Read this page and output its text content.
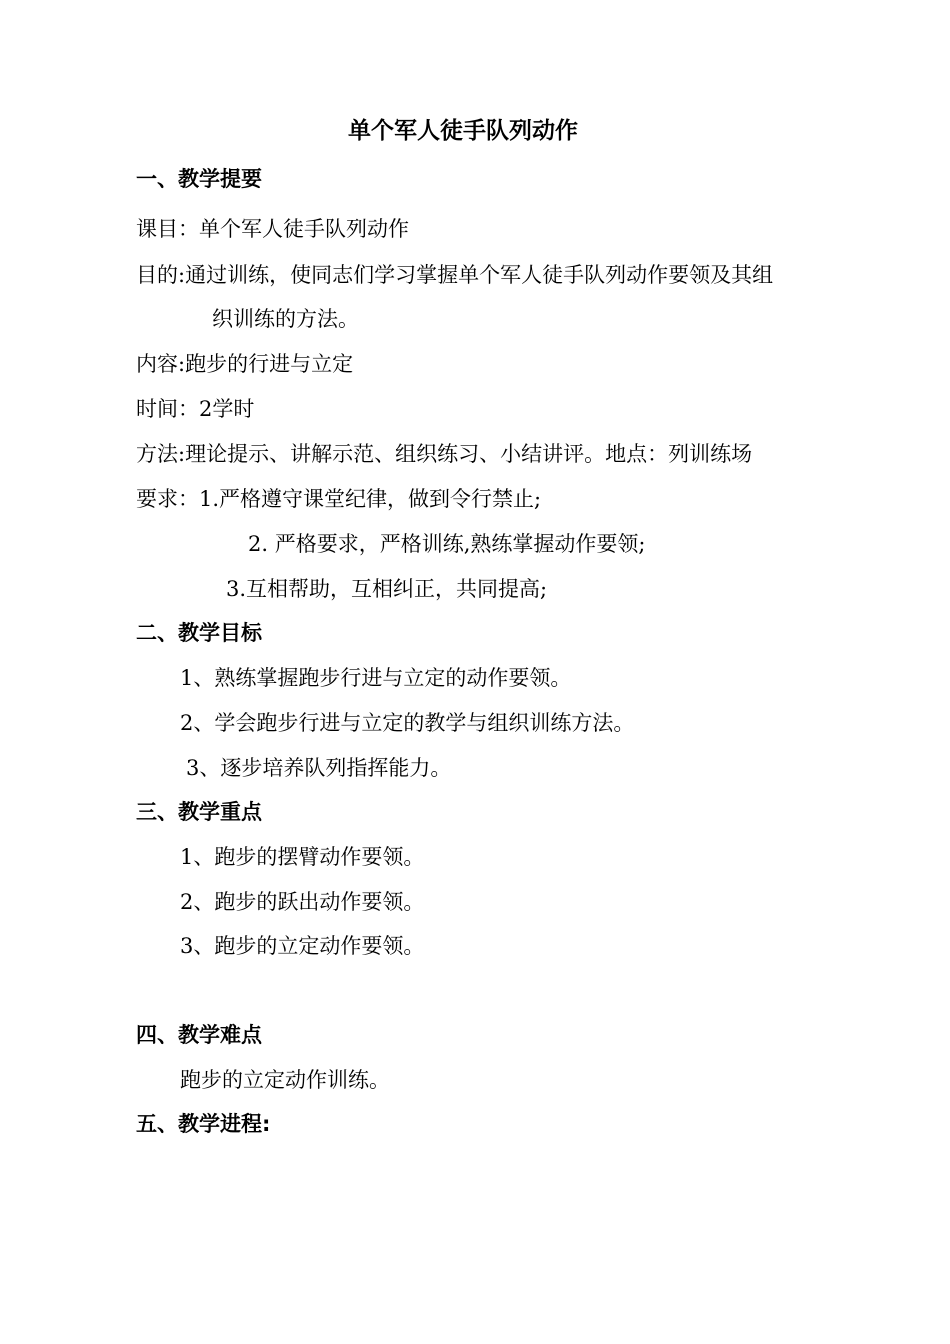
单个军人徒手队列动作
一、教学提要
课目：单个军人徒手队列动作
目的:通过训练，使同志们学习掌握单个军人徒手队列动作要领及其组
织训练的方法。
内容:跑步的行进与立定
时间：2学时
方法:理论提示、讲解示范、组织练习、小结讲评。地点：列训练场
要求：1.严格遵守课堂纪律，做到令行禁止;
2. 严格要求，严格训练,熟练掌握动作要领;
3.互相帮助，互相纠正，共同提高;
二、教学目标
1、熟练掌握跑步行进与立定的动作要领。
2、学会跑步行进与立定的教学与组织训练方法。
3、逐步培养队列指挥能力。
三、教学重点
1、跑步的摆臂动作要领。
2、跑步的跃出动作要领。
3、跑步的立定动作要领。
四、教学难点
跑步的立定动作训练。
五、教学进程:
